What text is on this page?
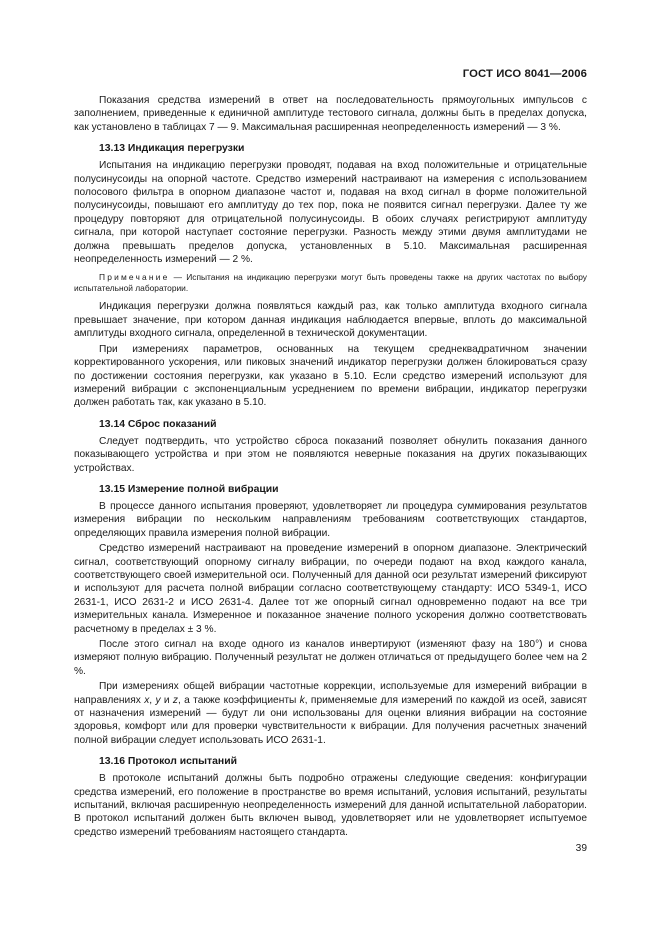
ГОСТ ИСО 8041—2006

Показания средства измерений в ответ на последовательность прямоугольных импульсов с заполнением, приведенные к единичной амплитуде тестового сигнала, должны быть в пределах допуска, как установлено в таблицах 7 — 9. Максимальная расширенная неопределенность измерений — 3 %.

13.13 Индикация перегрузки

Испытания на индикацию перегрузки проводят, подавая на вход положительные и отрицательные полусинусоиды на опорной частоте. Средство измерений настраивают на измерения с использованием полосового фильтра в опорном диапазоне частот и, подавая на вход сигнал в форме положительной полусинусоиды, повышают его амплитуду до тех пор, пока не появится сигнал перегрузки. Далее ту же процедуру повторяют для отрицательной полусинусоиды. В обоих случаях регистрируют амплитуду сигнала, при которой наступает состояние перегрузки. Разность между этими двумя амплитудами не должна превышать пределов допуска, установленных в 5.10. Максимальная расширенная неопределенность измерений — 2 %.

Примечание — Испытания на индикацию перегрузки могут быть проведены также на других частотах по выбору испытательной лаборатории.

Индикация перегрузки должна появляться каждый раз, как только амплитуда входного сигнала превышает значение, при котором данная индикация наблюдается впервые, вплоть до максимальной амплитуды входного сигнала, определенной в технической документации.

При измерениях параметров, основанных на текущем среднеквадратичном значении корректированного ускорения, или пиковых значений индикатор перегрузки должен блокироваться сразу по достижении состояния перегрузки, как указано в 5.10. Если средство измерений используют для измерений вибрации с экспоненциальным усреднением по времени вибрации, индикатор перегрузки должен работать так, как указано в 5.10.

13.14 Сброс показаний

Следует подтвердить, что устройство сброса показаний позволяет обнулить показания данного показывающего устройства и при этом не появляются неверные показания на других показывающих устройствах.

13.15 Измерение полной вибрации

В процессе данного испытания проверяют, удовлетворяет ли процедура суммирования результатов измерения вибрации по нескольким направлениям требованиям соответствующих стандартов, определяющих правила измерения полной вибрации.

Средство измерений настраивают на проведение измерений в опорном диапазоне. Электрический сигнал, соответствующий опорному сигналу вибрации, по очереди подают на вход каждого канала, соответствующего своей измерительной оси. Полученный для данной оси результат измерений фиксируют и используют для расчета полной вибрации согласно соответствующему стандарту: ИСО 5349-1, ИСО 2631-1, ИСО 2631-2 и ИСО 2631-4. Далее тот же опорный сигнал одновременно подают на все три измерительных канала. Измеренное и показанное значение полного ускорения должно соответствовать расчетному в пределах ± 3 %.

После этого сигнал на входе одного из каналов инвертируют (изменяют фазу на 180°) и снова измеряют полную вибрацию. Полученный результат не должен отличаться от предыдущего более чем на 2 %.

При измерениях общей вибрации частотные коррекции, используемые для измерений вибрации в направлениях x, y и z, а также коэффициенты k, применяемые для измерений по каждой из осей, зависят от назначения измерений — будут ли они использованы для оценки влияния вибрации на состояние здоровья, комфорт или для проверки чувствительности к вибрации. Для получения расчетных значений полной вибрации следует использовать ИСО 2631-1.

13.16 Протокол испытаний

В протоколе испытаний должны быть подробно отражены следующие сведения: конфигурации средства измерений, его положение в пространстве во время испытаний, условия испытаний, результаты испытаний, включая расширенную неопределенность измерений для данной испытательной лаборатории. В протокол испытаний должен быть включен вывод, удовлетворяет или не удовлетворяет испытуемое средство измерений требованиям настоящего стандарта.

39
